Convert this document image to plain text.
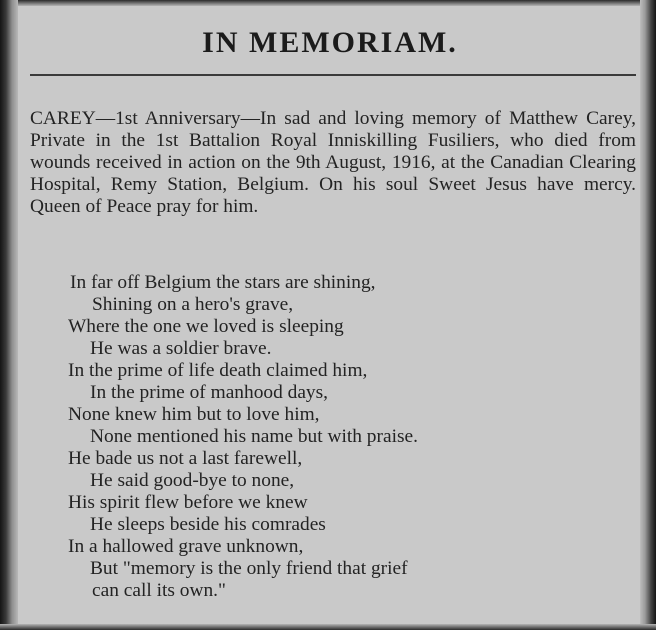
IN MEMORIAM.
CAREY—1st Anniversary—In sad and loving memory of Matthew Carey, Private in the 1st Battalion Royal Inniskilling Fusiliers, who died from wounds received in action on the 9th August, 1916, at the Canadian Clearing Hospital, Remy Station, Belgium. On his soul Sweet Jesus have mercy. Queen of Peace pray for him.
In far off Belgium the stars are shining,
Shining on a hero's grave,
Where the one we loved is sleeping
He was a soldier brave.
In the prime of life death claimed him,
In the prime of manhood days,
None knew him but to love him,
None mentioned his name but with praise.
He bade us not a last farewell,
He said good-bye to none,
His spirit flew before we knew
He sleeps beside his comrades
In a hallowed grave unknown,
But "memory is the only friend that grief
can call its own."
